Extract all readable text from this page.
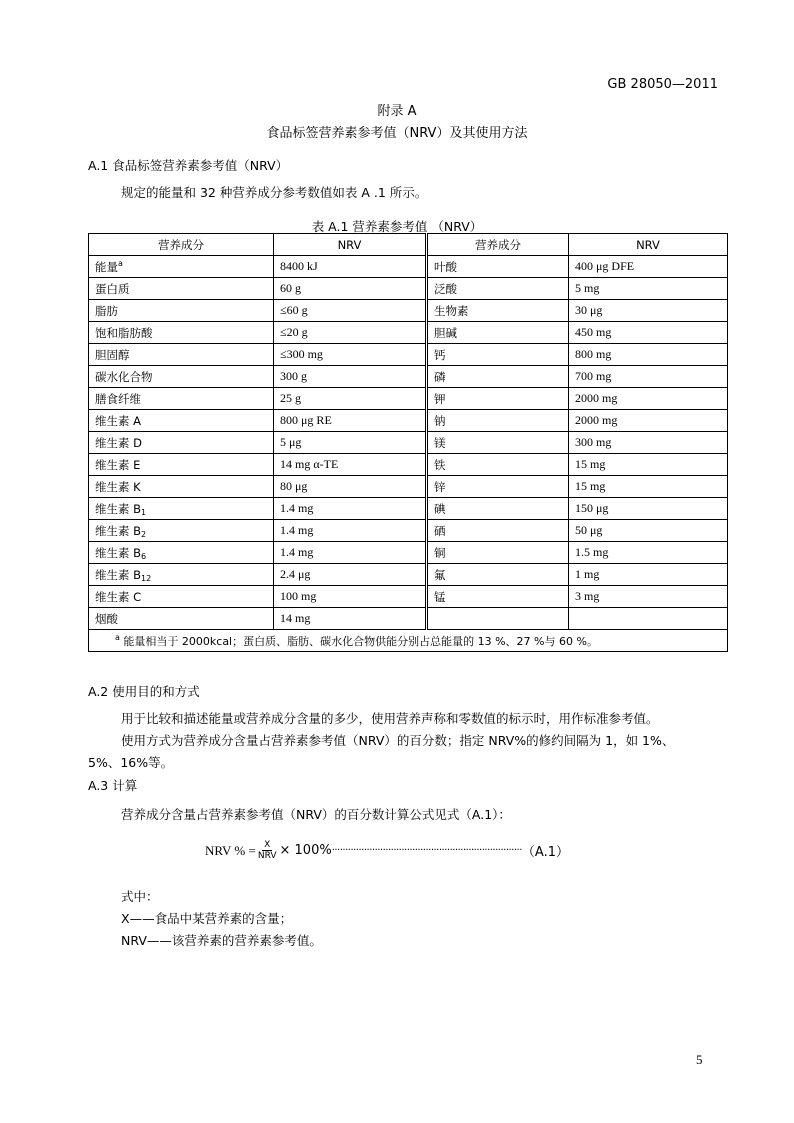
GB 28050—2011
附录 A
食品标签营养素参考值（NRV）及其使用方法
A.1 食品标签营养素参考值（NRV）
规定的能量和 32 种营养成分参考数值如表 A .1 所示。
表 A.1 营养素参考值 （NRV）
营养成分	NRV	营养成分	NRV
能量$^a$	8400 kJ	叶酸	400 μg DFE
蛋白质	60 g	泛酸	5 mg
脂肪	≤60 g	生物素	30 μg
饱和脂肪酸	≤20 g	胆碱	450 mg
胆固醇	≤300 mg	钙	800 mg
碳水化合物	300 g	磷	700 mg
膳食纤维	25 g	钾	2000 mg
维生素 A	800 μg RE	钠	2000 mg
维生素 D	5 μg	镁	300 mg
维生素 E	14 mg α-TE	铁	15 mg
维生素 K	80 μg	锌	15 mg
维生素 $B_1$	1.4 mg	碘	150 μg
维生素 $B_2$	1.4 mg	硒	50 μg
维生素 $B_6$	1.4 mg	铜	1.5 mg
维生素 $B_{12}$	2.4 μg	氟	1 mg
维生素 C	100 mg	锰	3 mg
烟酸	14 mg		
$^a$ 能量相当于 2000kcal；蛋白质、脂肪、碳水化合物供能分别占总能量的 13 %、27 %与 60 %。			
A.2 使用目的和方式
用于比较和描述能量或营养成分含量的多少，使用营养声称和零数值的标示时，用作标准参考值。
使用方式为营养成分含量占营养素参考值（NRV）的百分数；指定 NRV%的修约间隔为 1，如 1%、
5%、16%等。
A.3 计算
营养成分含量占营养素参考值（NRV）的百分数计算公式见式（A.1）：
NRV % = $\frac{X}{\text{NRV}} \times 100\%$ ······································································· （A.1）
式中：
X——食品中某营养素的含量；
NRV——该营养素的营养素参考值。
5
